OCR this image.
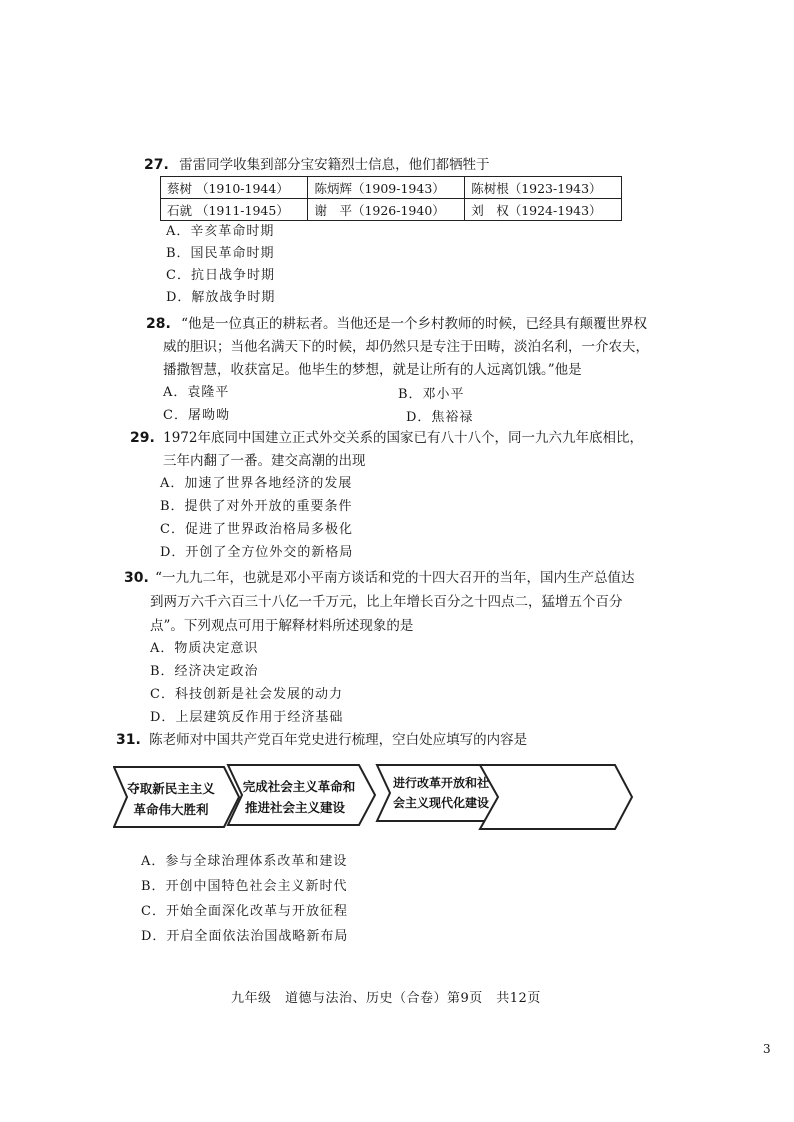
27. 雷雷同学收集到部分宝安籍烈士信息，他们都牺牲于
蔡树 （1910-1944）	陈炳辉（1909-1943）	陈树根（1923-1943）
石就 （1911-1945）	谢　平（1926-1940）	刘　权（1924-1943）
A．辛亥革命时期
B．国民革命时期
C．抗日战争时期
D．解放战争时期
28. “他是一位真正的耕耘者。当他还是一个乡村教师的时候，已经具有颠覆世界权
威的胆识；当他名满天下的时候，却仍然只是专注于田畴，淡泊名利，一介农夫，
播撒智慧，收获富足。他毕生的梦想，就是让所有的人远离饥饿。”他是
A．袁隆平	B．邓小平
C．屠呦呦	D．焦裕禄
29. 1972年底同中国建立正式外交关系的国家已有八十八个，同一九六九年底相比，
三年内翻了一番。建交高潮的出现
A．加速了世界各地经济的发展
B．提供了对外开放的重要条件
C．促进了世界政治格局多极化
D．开创了全方位外交的新格局
30. “一九九二年，也就是邓小平南方谈话和党的十四大召开的当年，国内生产总值达
到两万六千六百三十八亿一千万元，比上年增长百分之十四点二，猛增五个百分
点”。下列观点可用于解释材料所述现象的是
A．物质决定意识
B．经济决定政治
C．科技创新是社会发展的动力
D．上层建筑反作用于经济基础
31. 陈老师对中国共产党百年党史进行梳理，空白处应填写的内容是
夺取新民主主义
革命伟大胜利
完成社会主义革命和
推进社会主义建设
进行改革开放和社
会主义现代化建设
A．参与全球治理体系改革和建设
B．开创中国特色社会主义新时代
C．开始全面深化改革与开放征程
D．开启全面依法治国战略新布局
九年级　道德与法治、历史（合卷）第9页　共12页
3
